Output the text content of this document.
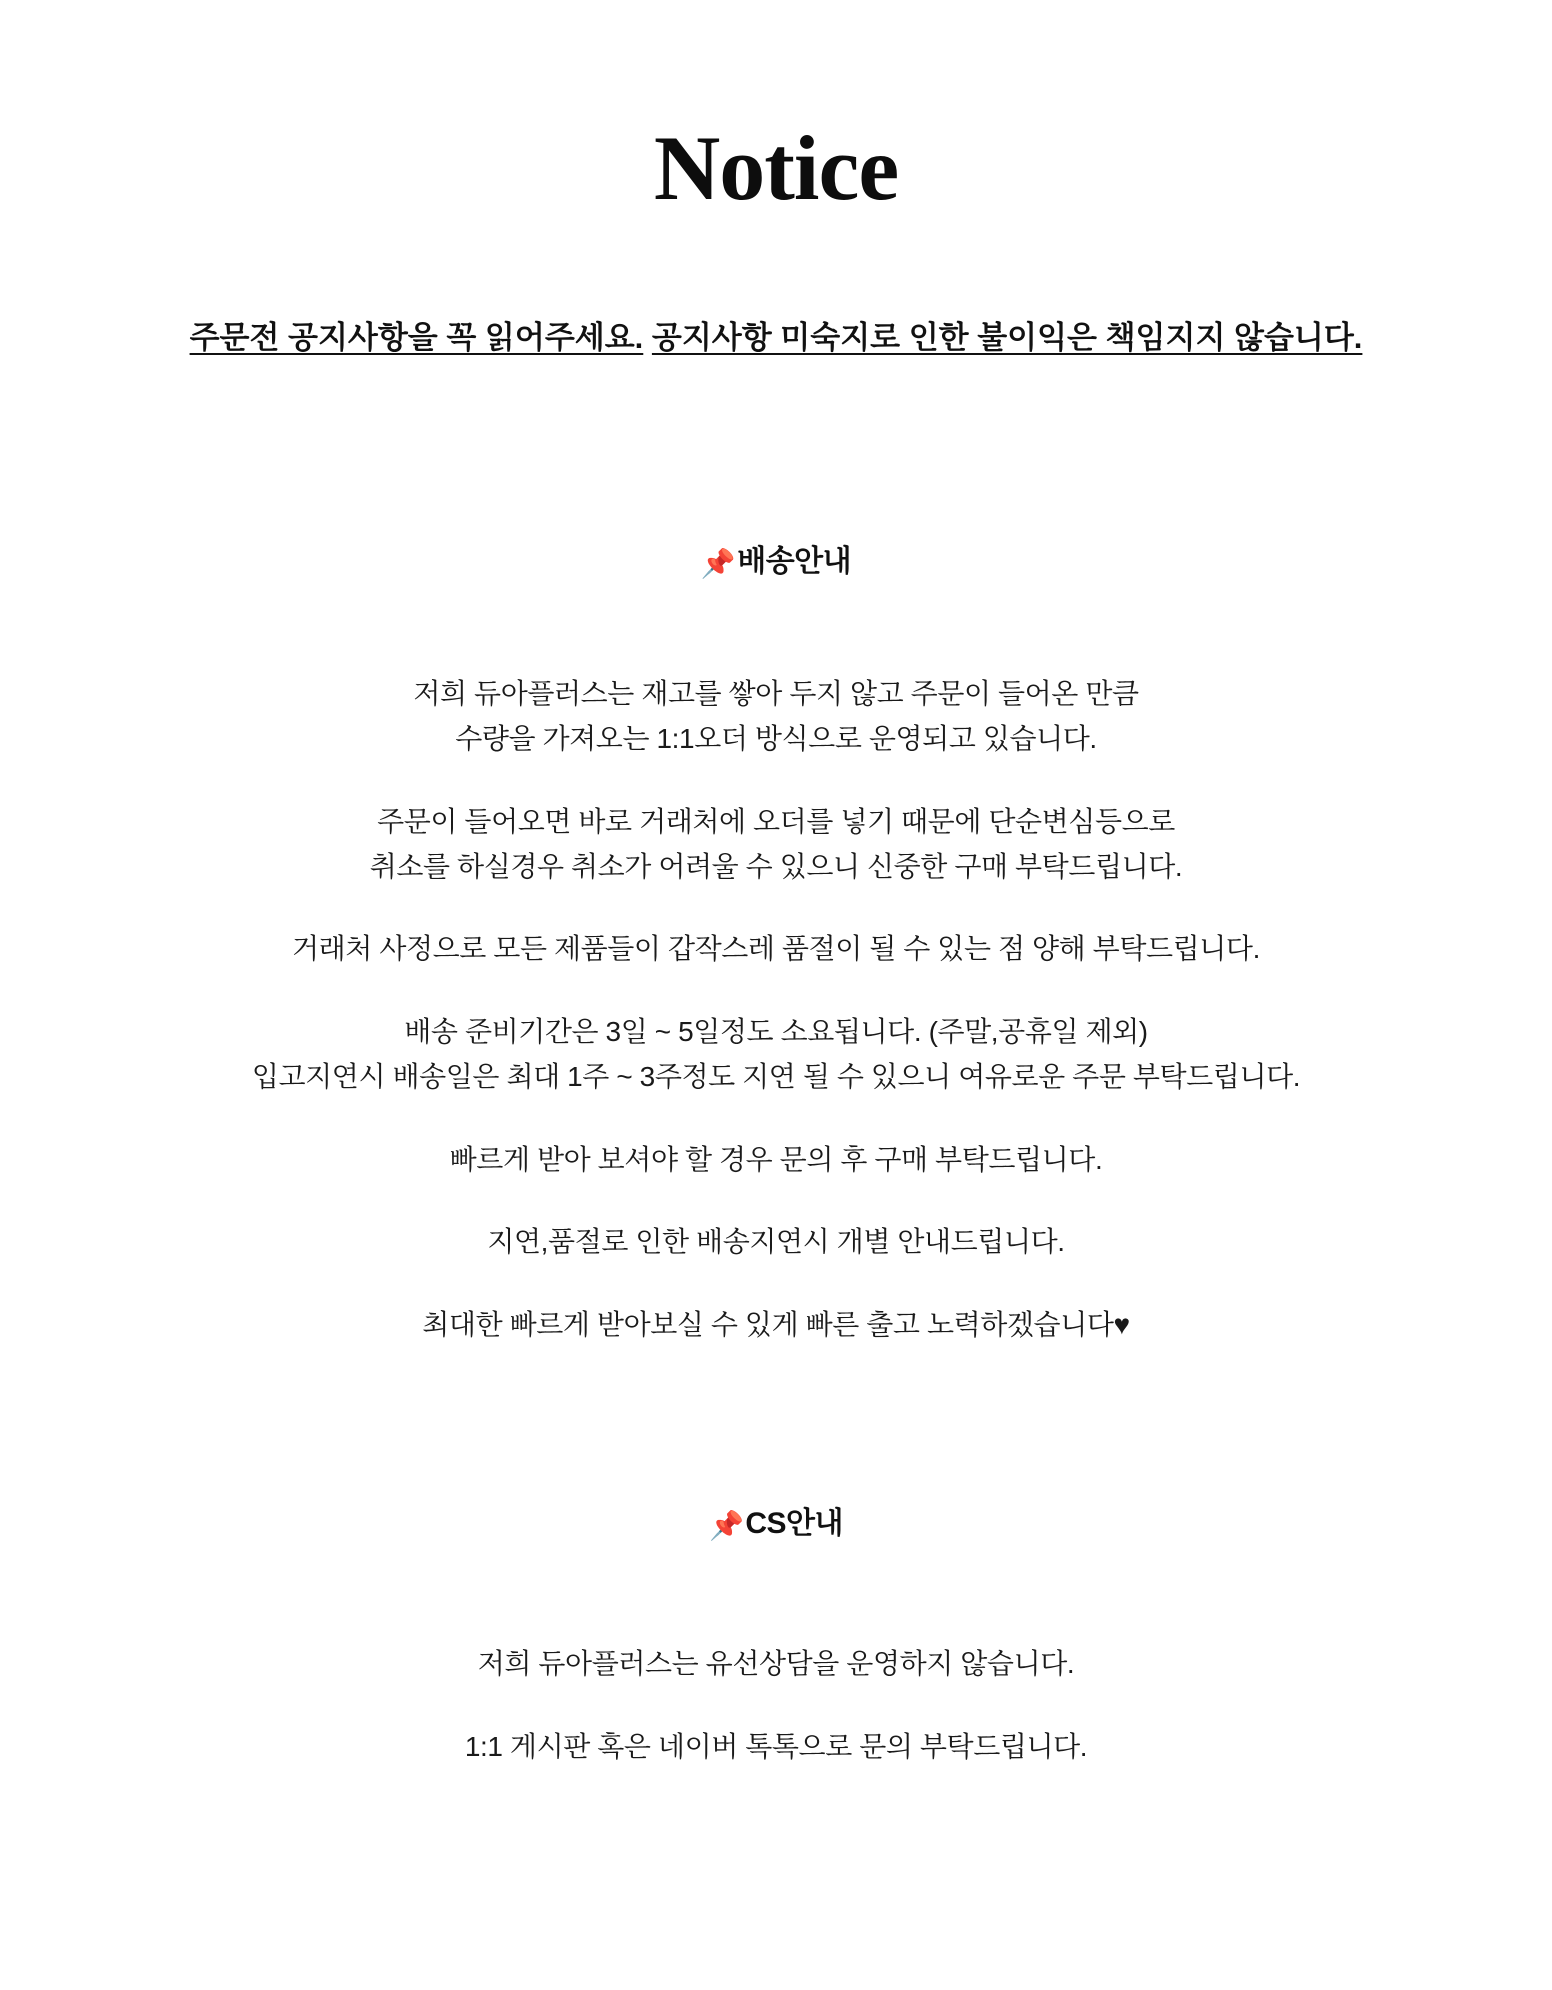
Notice
주문전 공지사항을 꼭 읽어주세요. 공지사항 미숙지로 인한 불이익은 책임지지 않습니다.
📌배송안내
저희 듀아플러스는 재고를 쌓아 두지 않고 주문이 들어온 만큼
수량을 가져오는 1:1오더 방식으로 운영되고 있습니다.
주문이 들어오면 바로 거래처에 오더를 넣기 때문에 단순변심등으로
취소를 하실경우 취소가 어려울 수 있으니 신중한 구매 부탁드립니다.
거래처 사정으로 모든 제품들이 갑작스레 품절이 될 수 있는 점 양해 부탁드립니다.
배송 준비기간은 3일 ~ 5일정도 소요됩니다. (주말,공휴일 제외)
입고지연시 배송일은 최대 1주 ~ 3주정도 지연 될 수 있으니 여유로운 주문 부탁드립니다.
빠르게 받아 보셔야 할 경우 문의 후 구매 부탁드립니다.
지연,품절로 인한 배송지연시 개별 안내드립니다.
최대한 빠르게 받아보실 수 있게 빠른 출고 노력하겠습니다♥
📌CS안내
저희 듀아플러스는 유선상담을 운영하지 않습니다.
1:1 게시판 혹은 네이버 톡톡으로 문의 부탁드립니다.
